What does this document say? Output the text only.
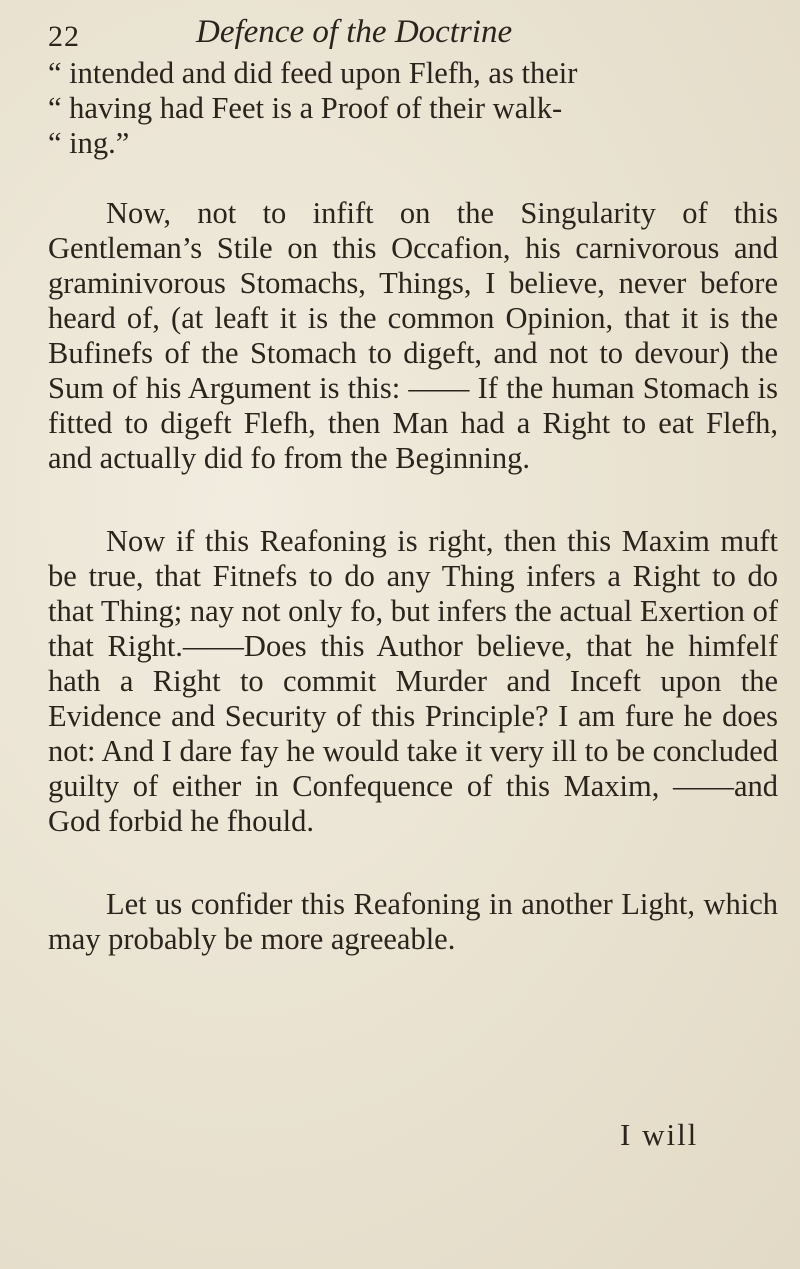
22	Defence of the Doctrine
“ intended and did feed upon Flefh, as their
“ having had Feet is a Proof of their walk-
“ ing.”

Now, not to infift on the Singularity of this Gentleman’s Stile on this Occafion, his carnivorous and graminivorous Stomachs, Things, I believe, never before heard of, (at leaft it is the common Opinion, that it is the Bufinefs of the Stomach to digeft, and not to devour) the Sum of his Argument is this: —— If the human Stomach is fitted to digeft Flefh, then Man had a Right to eat Flefh, and actually did fo from the Beginning.

Now if this Reafoning is right, then this Maxim muft be true, that Fitnefs to do any Thing infers a Right to do that Thing; nay not only fo, but infers the actual Exertion of that Right.——Does this Author believe, that he himfelf hath a Right to commit Murder and Inceft upon the Evidence and Security of this Principle? I am fure he does not: And I dare fay he would take it very ill to be concluded guilty of either in Confequence of this Maxim, ——and God forbid he fhould.

Let us confider this Reafoning in another Light, which may probably be more agreeable.

I will
